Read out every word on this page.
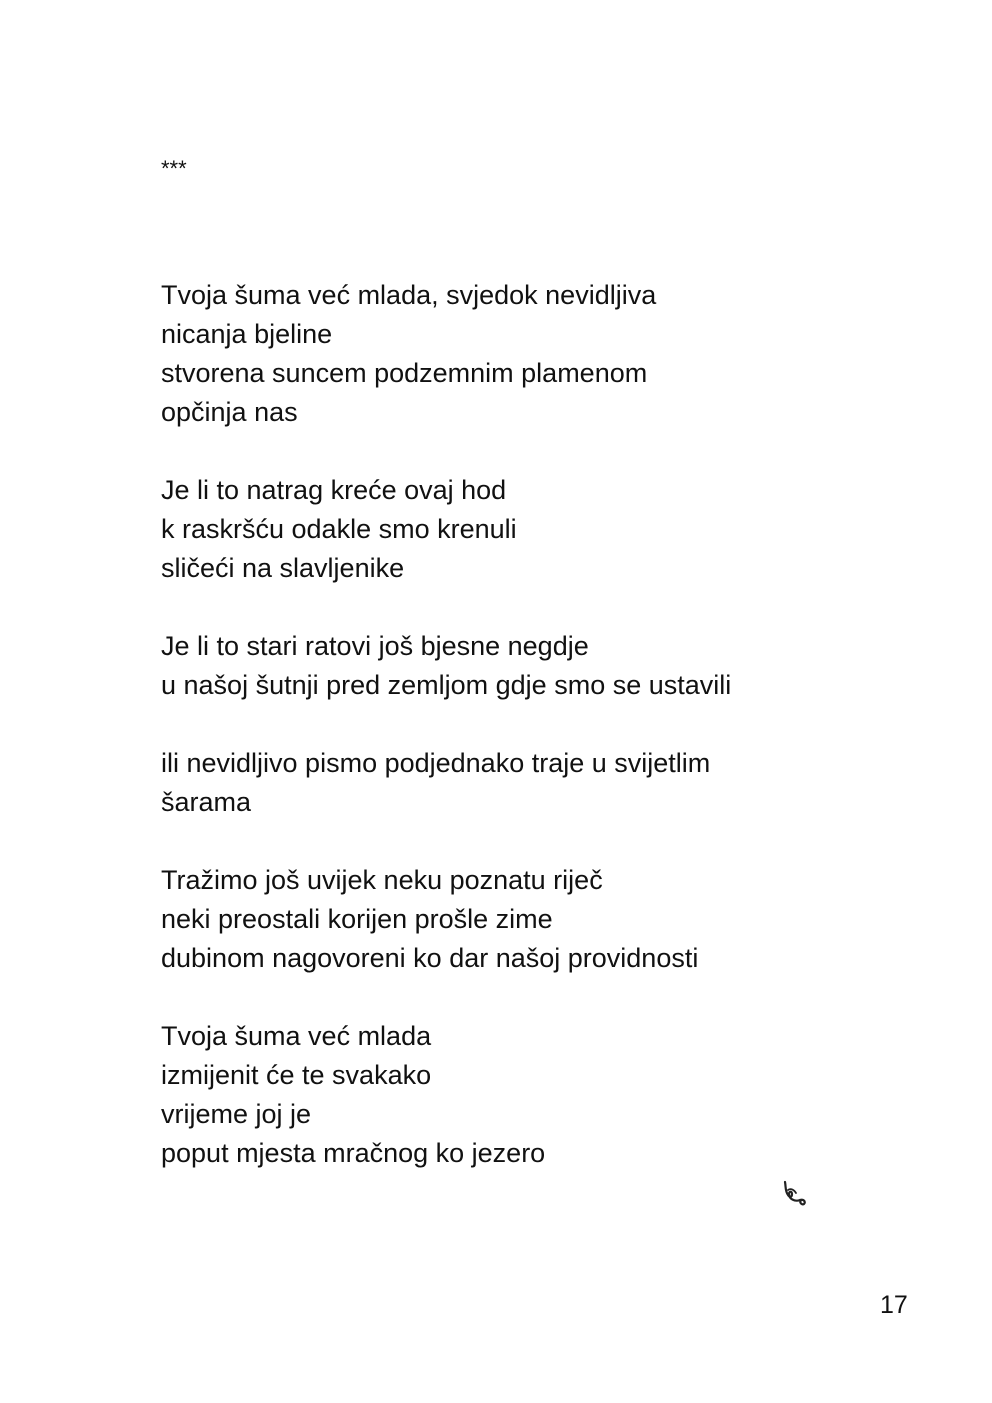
***
Tvoja šuma već mlada, svjedok nevidljiva
nicanja bjeline
stvorena suncem podzemnim plamenom
opčinja nas
Je li to natrag kreće ovaj hod
k raskršću odakle smo krenuli
sličeći na slavljenike
Je li to stari ratovi još bjesne negdje
u našoj šutnji pred zemljom gdje smo se ustavili
ili nevidljivo pismo podjednako traje u svijetlim
šarama
Tražimo još uvijek neku poznatu riječ
neki preostali korijen prošle zime
dubinom nagovoreni ko dar našoj providnosti
Tvoja šuma već mlada
izmijenit će te svakako
vrijeme joj je
poput mjesta mračnog ko jezero
17
